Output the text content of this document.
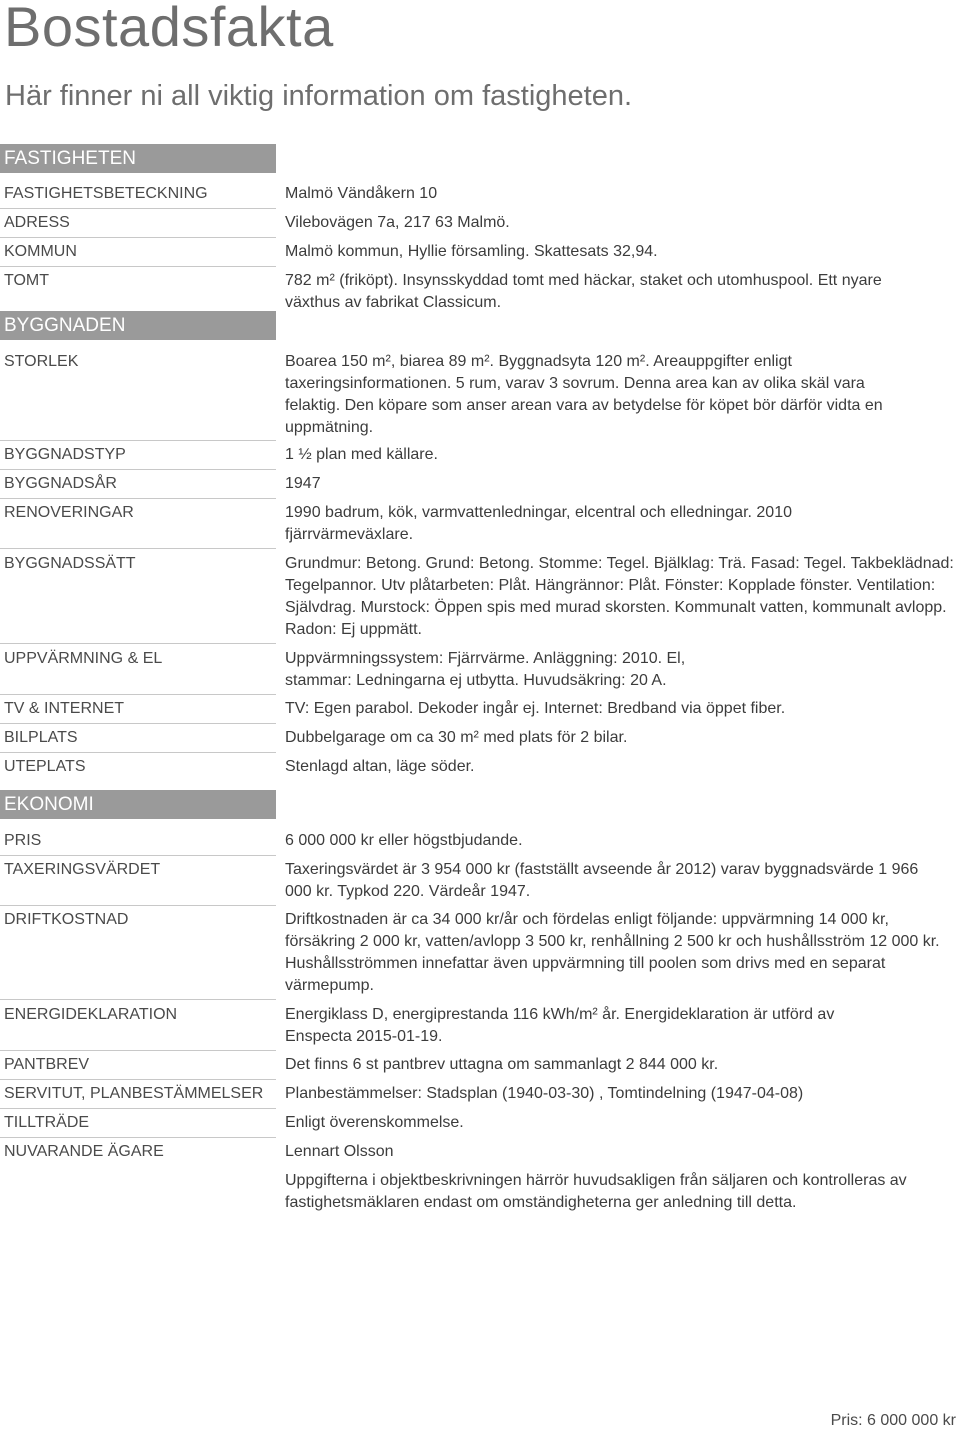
Bostadsfakta
Här finner ni all viktig information om fastigheten.
FASTIGHETEN
FASTIGHETSBETECKNING	Malmö Vändåkern 10
ADRESS	Vilebovägen 7a, 217 63 Malmö.
KOMMUN	Malmö kommun, Hyllie församling. Skattesats 32,94.
TOMT	782 m² (friköpt). Insynsskyddad tomt med häckar, staket och utomhuspool. Ett nyare växthus av fabrikat Classicum.
BYGGNADEN
STORLEK	Boarea 150 m², biarea 89 m². Byggnadsyta 120 m². Areauppgifter enligt taxeringsinformationen. 5 rum, varav 3 sovrum. Denna area kan av olika skäl vara felaktig. Den köpare som anser arean vara av betydelse för köpet bör därför vidta en uppmätning.
BYGGNADSTYP	1 ½ plan med källare.
BYGGNADSÅR	1947
RENOVERINGAR	1990 badrum, kök, varmvattenledningar, elcentral och elledningar. 2010 fjärrvärmeväxlare.
BYGGNADSSÄTT	Grundmur: Betong. Grund: Betong. Stomme: Tegel. Bjälklag: Trä. Fasad: Tegel. Takbeklädnad: Tegelpannor. Utv plåtarbeten: Plåt. Hängrännor: Plåt. Fönster: Kopplade fönster. Ventilation: Självdrag. Murstock: Öppen spis med murad skorsten. Kommunalt vatten, kommunalt avlopp. Radon: Ej uppmätt.
UPPVÄRMNING & EL	Uppvärmningssystem: Fjärrvärme. Anläggning: 2010. El, stammar: Ledningarna ej utbytta. Huvudsäkring: 20 A.
TV & INTERNET	TV: Egen parabol. Dekoder ingår ej. Internet: Bredband via öppet fiber.
BILPLATS	Dubbelgarage om ca 30 m² med plats för 2 bilar.
UTEPLATS	Stenlagd altan, läge söder.
EKONOMI
PRIS	6 000 000 kr eller högstbjudande.
TAXERINGSVÄRDET	Taxeringsvärdet är 3 954 000 kr (fastställt avseende år 2012) varav byggnadsvärde 1 966 000 kr. Typkod 220. Värdeår 1947.
DRIFTKOSTNAD	Driftkostnaden är ca 34 000 kr/år och fördelas enligt följande: uppvärmning 14 000 kr, försäkring 2 000 kr, vatten/avlopp 3 500 kr, renhållning 2 500 kr och hushållsström 12 000 kr. Hushållsströmmen innefattar även uppvärmning till poolen som drivs med en separat värmepump.
ENERGIDEKLARATION	Energiklass D, energiprestanda 116 kWh/m² år. Energideklaration är utförd av Enspecta 2015-01-19.
PANTBREV	Det finns 6 st pantbrev uttagna om sammanlagt 2 844 000 kr.
SERVITUT, PLANBESTÄMMELSER Planbestämmelser: Stadsplan (1940-03-30) , Tomtindelning (1947-04-08)
TILLTRÄDE	Enligt överenskommelse.
NUVARANDE ÄGARE	Lennart Olsson
Uppgifterna i objektbeskrivningen härrör huvudsakligen från säljaren och kontrolleras av fastighetsmäklaren endast om omständigheterna ger anledning till detta.
Pris: 6 000 000 kr
